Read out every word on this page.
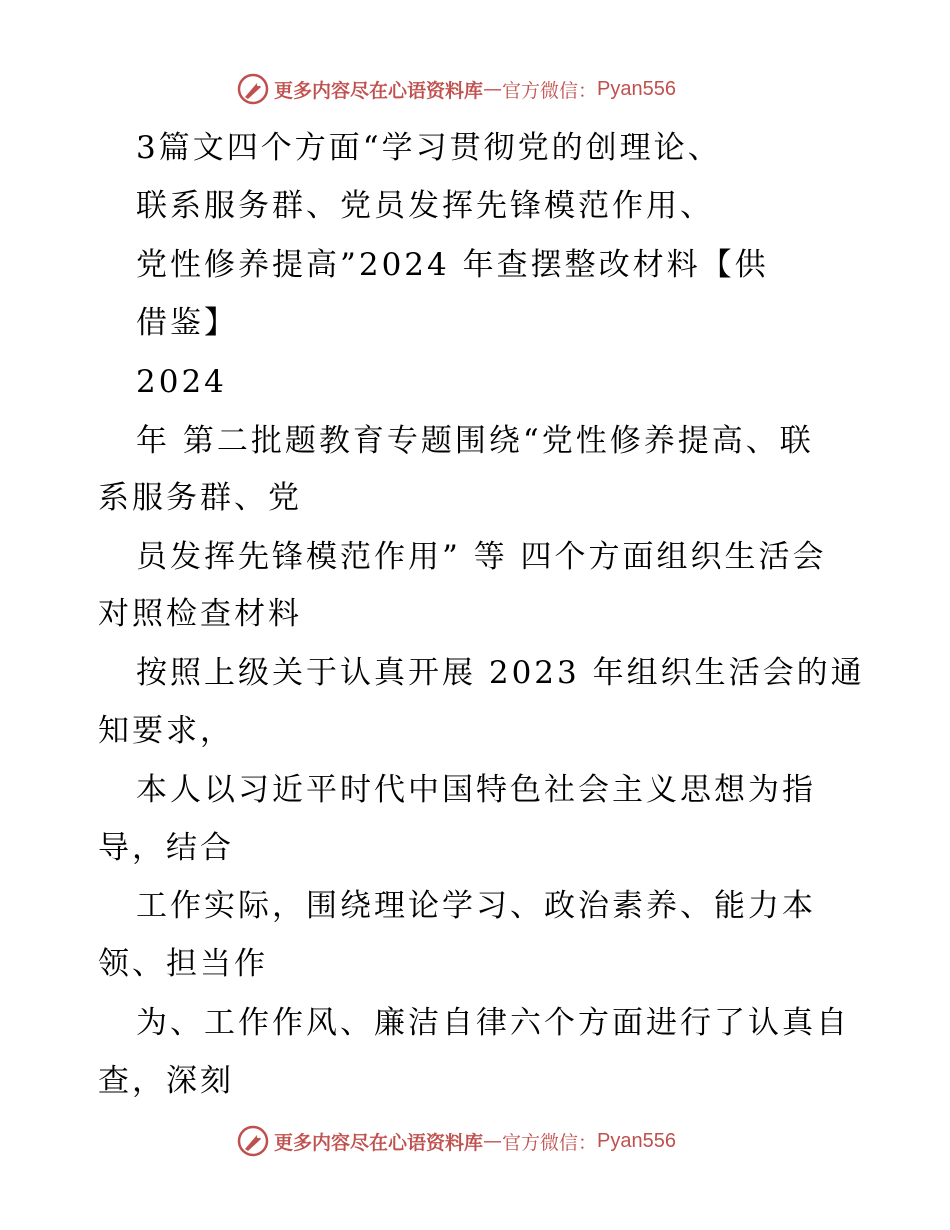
更多内容尽在心语资料库 — 官方微信： Pyan556
3篇文四个方面“学习贯彻党的创理论、
联系服务群、党员发挥先锋模范作用、
党性修养提高”2024 年查摆整改材料【供
借鉴】
2024
年 第二批题教育专题围绕“党性修养提高、联
系服务群、党
员发挥先锋模范作用” 等 四个方面组织生活会
对照检查材料
按照上级关于认真开展 2023 年组织生活会的通
知要求，
本人以习近平时代中国特色社会主义思想为指
导，结合
工作实际，围绕理论学习、政治素养、能力本
领、担当作
为、工作作风、廉洁自律六个方面进行了认真自
查，深刻
更多内容尽在心语资料库 — 官方微信： Pyan556
